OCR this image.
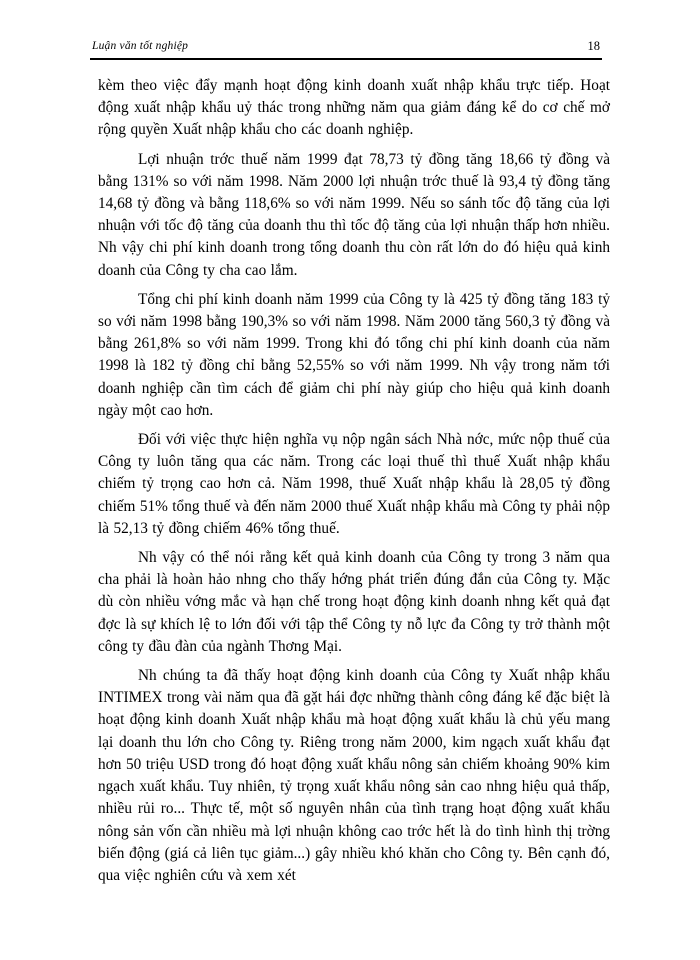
Luận văn tốt nghiệp	18

kèm theo việc đẩy mạnh hoạt động kinh doanh xuất nhập khẩu trực tiếp. Hoạt động xuất nhập khẩu uỷ thác trong những năm qua giảm đáng kể do cơ chế mở rộng quyền Xuất nhập khẩu cho các doanh nghiệp.

Lợi nhuận trớc thuế năm 1999 đạt 78,73 tỷ đồng tăng 18,66 tỷ đồng và bằng 131% so với năm 1998. Năm 2000 lợi nhuận trớc thuế là 93,4 tỷ đồng tăng 14,68 tỷ đồng và bằng 118,6% so với năm 1999. Nếu so sánh tốc độ tăng của lợi nhuận với tốc độ tăng của doanh thu thì tốc độ tăng của lợi nhuận thấp hơn nhiều. Nh vậy chi phí kinh doanh trong tổng doanh thu còn rất lớn do đó hiệu quả kinh doanh của Công ty cha cao lắm.

Tổng chi phí kinh doanh năm 1999 của Công ty là 425 tỷ đồng tăng 183 tỷ so với năm 1998 bằng 190,3% so với năm 1998. Năm 2000 tăng 560,3 tỷ đồng và bằng 261,8% so với năm 1999. Trong khi đó tổng chi phí kinh doanh của năm 1998 là 182 tỷ đồng chỉ bằng 52,55% so với năm 1999. Nh vậy trong năm tới doanh nghiệp cần tìm cách để giảm chi phí này giúp cho hiệu quả kinh doanh ngày một cao hơn.

Đối với việc thực hiện nghĩa vụ nộp ngân sách Nhà nớc, mức nộp thuế của Công ty luôn tăng qua các năm. Trong các loại thuế thì thuế Xuất nhập khẩu chiếm tỷ trọng cao hơn cả. Năm 1998, thuế Xuất nhập khẩu là 28,05 tỷ đồng chiếm 51% tổng thuế và đến năm 2000 thuế Xuất nhập khẩu mà Công ty phải nộp là 52,13 tỷ đồng chiếm 46% tổng thuế.

Nh vậy có thể nói rằng kết quả kinh doanh của Công ty trong 3 năm qua cha phải là hoàn hảo nhng cho thấy hớng phát triển đúng đắn của Công ty. Mặc dù còn nhiều vớng mắc và hạn chế trong hoạt động kinh doanh nhng kết quả đạt đợc là sự khích lệ to lớn đối với tập thể Công ty nỗ lực đa Công ty trở thành một công ty đầu đàn của ngành Thơng Mại.

Nh chúng ta đã thấy hoạt động kinh doanh của Công ty Xuất nhập khẩu INTIMEX trong vài năm qua đã gặt hái đợc những thành công đáng kể đặc biệt là hoạt động kinh doanh Xuất nhập khẩu mà hoạt động xuất khẩu là chủ yếu mang lại doanh thu lớn cho Công ty. Riêng trong năm 2000, kim ngạch xuất khẩu đạt hơn 50 triệu USD trong đó hoạt động xuất khẩu nông sản chiếm khoảng 90% kim ngạch xuất khẩu. Tuy nhiên, tỷ trọng xuất khẩu nông sản cao nhng hiệu quả thấp, nhiều rủi ro... Thực tế, một số nguyên nhân của tình trạng hoạt động xuất khẩu nông sản vốn cần nhiều mà lợi nhuận không cao trớc hết là do tình hình thị trờng biến động (giá cả liên tục giảm...) gây nhiều khó khăn cho Công ty. Bên cạnh đó, qua việc nghiên cứu và xem xét
